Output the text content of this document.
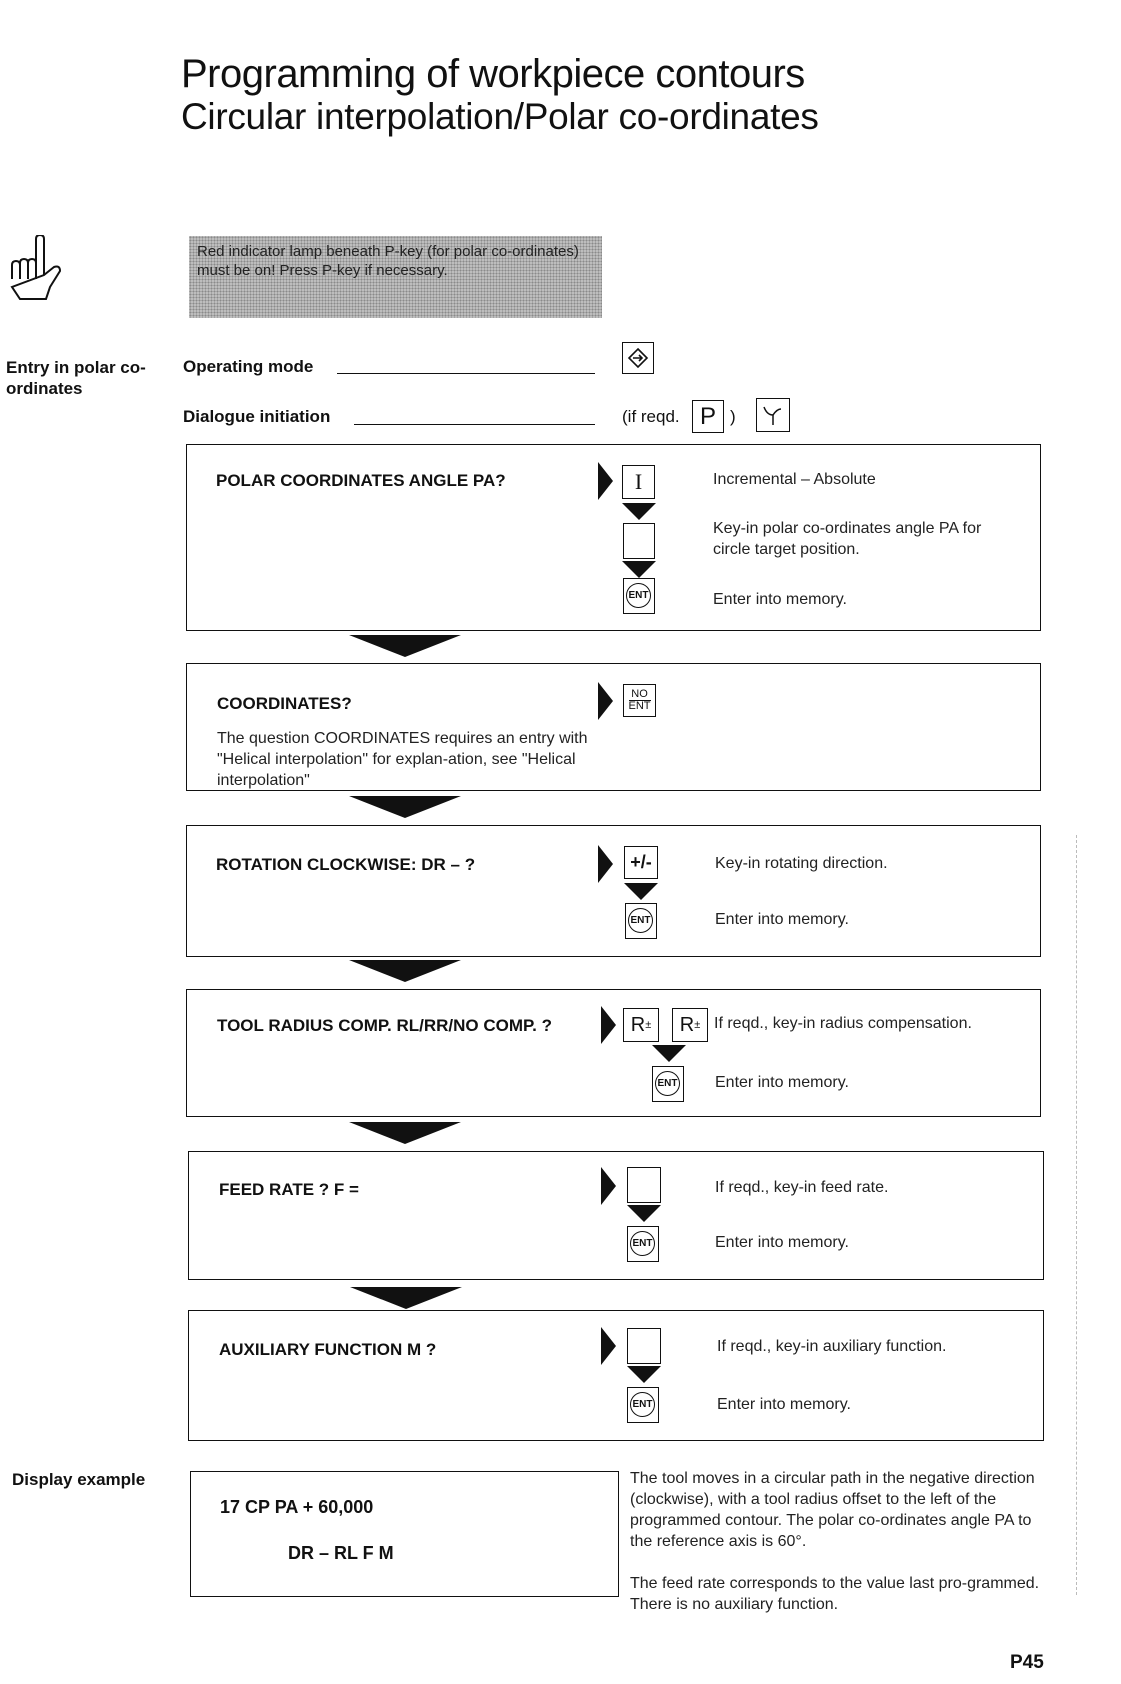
Programming of workpiece contours
Circular interpolation/Polar co-ordinates
Red indicator lamp beneath P-key (for polar co-ordinates) must be on! Press P-key if necessary.
Entry in polar co-ordinates
Display example
Operating mode
Dialogue initiation	(if reqd. P )
POLAR COORDINATES ANGLE PA?	I
ENT
Incremental – Absolute
Key-in polar co-ordinates angle PA for circle target position.
Enter into memory.
COORDINATES?	NO
ENT
The question COORDINATES requires an entry with "Helical interpolation" for explan-ation, see "Helical interpolation"
ROTATION CLOCKWISE: DR – ?	+/-
ENT
Key-in rotating direction.
Enter into memory.
TOOL RADIUS COMP. RL/RR/NO COMP. ?	R ± R ±
ENT
If reqd., key-in radius compensation.
Enter into memory.
FEED RATE ? F =
ENT
If reqd., key-in feed rate.
Enter into memory.
AUXILIARY FUNCTION M ?
ENT
If reqd., key-in auxiliary function.
Enter into memory.
17 CP PA + 60,000
DR – RL F M
The tool moves in a circular path in the negative direction (clockwise), with a tool radius offset to the left of the programmed contour. The polar co-ordinates angle PA to the reference axis is 60°.
The feed rate corresponds to the value last pro-grammed. There is no auxiliary function.
P45
